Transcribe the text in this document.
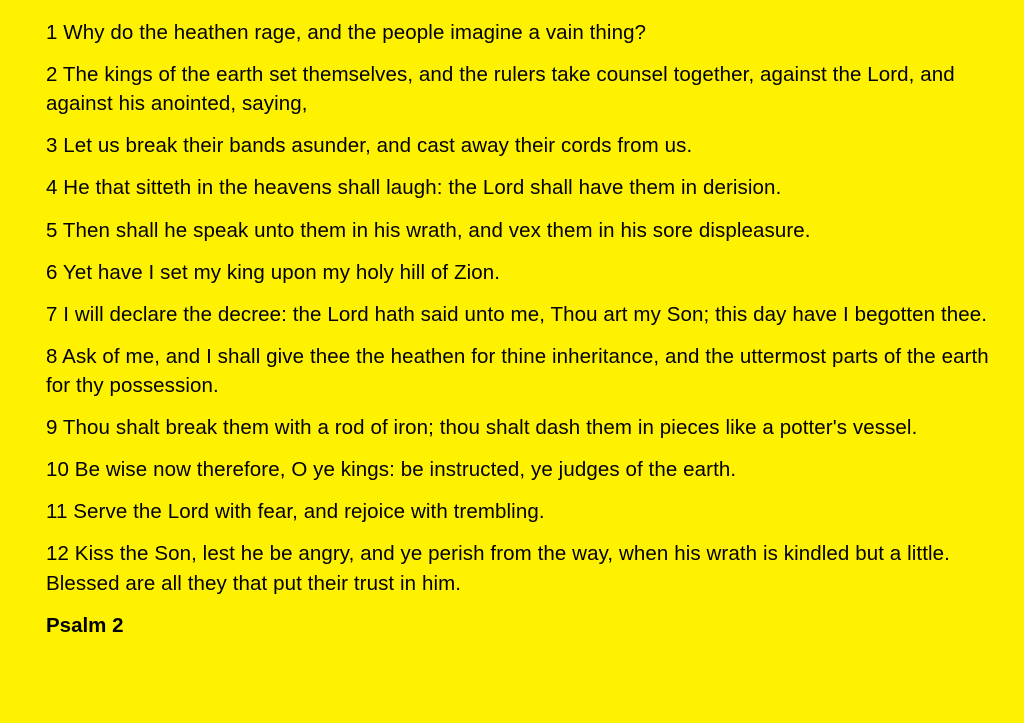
1 Why do the heathen rage, and the people imagine a vain thing?

2 The kings of the earth set themselves, and the rulers take counsel together, against the Lord, and against his anointed, saying,

3 Let us break their bands asunder, and cast away their cords from us.

4 He that sitteth in the heavens shall laugh: the Lord shall have them in derision.

5 Then shall he speak unto them in his wrath, and vex them in his sore displeasure.

6 Yet have I set my king upon my holy hill of Zion.

7 I will declare the decree: the Lord hath said unto me, Thou art my Son; this day have I begotten thee.

8 Ask of me, and I shall give thee the heathen for thine inheritance, and the uttermost parts of the earth for thy possession.

9 Thou shalt break them with a rod of iron; thou shalt dash them in pieces like a potter's vessel.

10 Be wise now therefore, O ye kings: be instructed, ye judges of the earth.

11 Serve the Lord with fear, and rejoice with trembling.

12 Kiss the Son, lest he be angry, and ye perish from the way, when his wrath is kindled but a little. Blessed are all they that put their trust in him.

Psalm 2
